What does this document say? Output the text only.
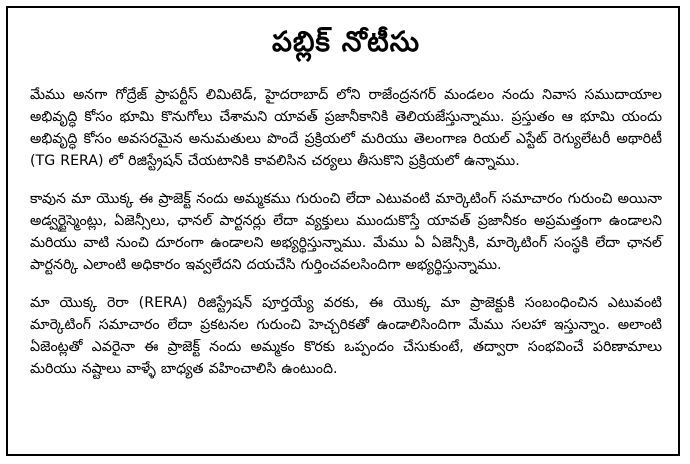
పబ్లిక్ నోటీసు

మేము అనగా గోద్రేజ్ ప్రాపర్టీస్ లిమిటెడ్, హైదరాబాద్ లోని రాజేంద్రనగర్ మండలం నందు నివాస సముదాయాల అభివృద్ధి కోసం భూమి కొనుగోలు చేశామని యావత్ ప్రజానీకానికి తెలియజేస్తున్నాము. ప్రస్తుతం ఆ భూమి యందు అభివృద్ధి కోసం అవసరమైన అనుమతులు పొందే ప్రక్రియలో మరియు తెలంగాణ రియల్ ఎస్టేట్ రెగ్యులేటరీ అథారిటీ (TG RERA) లో రిజిస్ట్రేషన్ చేయటానికి కావలిసిన చర్యలు తీసుకొని ప్రక్రియలో ఉన్నాము.

కావున మా యొక్క ఈ ప్రాజెక్ట్ నందు అమ్మకము గురుంచి లేదా ఎటువంటి మార్కెటింగ్ సమాచారం గురుంచి అయినా అడ్వర్టైస్మెంట్లు, ఏజెన్సీలు, ఛానల్ పార్టనర్లు లేదా వ్యక్తులు ముందుకొస్తే యావత్ ప్రజానీకం అప్రమత్తంగా ఉండాలని మరియు వాటి నుంచి దూరంగా ఉండాలని అభ్యర్థిస్తున్నాము. మేము ఏ ఏజెన్సీకి, మార్కెటింగ్ సంస్థకి లేదా ఛానల్ పార్టనర్కి ఎలాంటి అధికారం ఇవ్వలేదని దయచేసి గుర్తించవలసిందిగా అభ్యర్థిస్తున్నాము.

మా యొక్క రెరా (RERA) రిజిస్ట్రేషన్ పూర్తయ్యే వరకు, ఈ యొక్క మా ప్రాజెక్టుకి సంబంధించిన ఎటువంటి మార్కెటింగ్ సమాచారం లేదా ప్రకటనల గురుంచి హెచ్చరికతో ఉండాలిసిందిగా మేము సలహా ఇస్తున్నాం. అలాంటి ఏజెంట్లతో ఎవరైనా ఈ ప్రాజెక్ట్ నందు అమ్మకం కొరకు ఒప్పందం చేసుకుంటే, తద్వారా సంభవించే పరిణామాలు మరియు నష్టాలు వాళ్ళే బాధ్యత వహించాలిసి ఉంటుంది.
